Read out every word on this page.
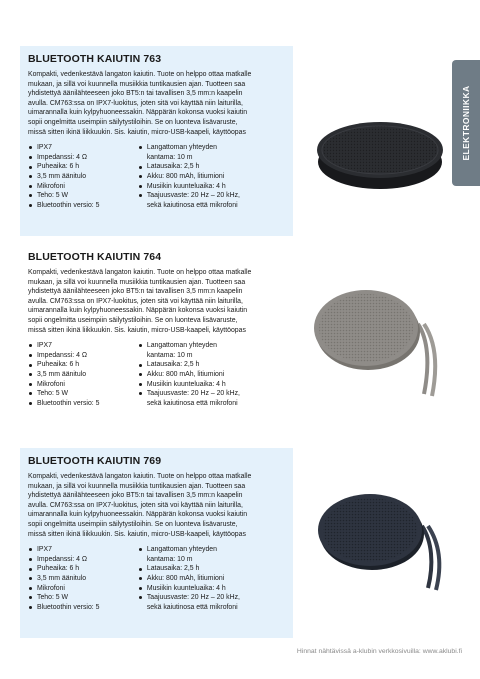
BLUETOOTH KAIUTIN 763

Kompakti, vedenkestävä langaton kaiutin. Tuote on helppo ottaa matkalle
mukaan, ja sillä voi kuunnella musiikkia tuntikausien ajan. Tuotteen saa
yhdistettyä äänilähteeseen joko BT5:n tai tavallisen 3,5 mm:n kaapelin
avulla. CM763:ssa on IPX7-luokitus, joten sitä voi käyttää niin laiturilla,
uimarannalla kuin kylpyhuoneessakin. Näppärän kokonsa vuoksi kaiutin
sopii ongelmitta useimpiin säilytystiloihin. Se on luonteva lisävaruste,
missä sitten ikinä liikkuukin. Sis. kaiutin, micro-USB-kaapeli, käyttöopas

IPX7
Impedanssi: 4 Ω
Puheaika: 6 h
3,5 mm äänitulo
Mikrofoni
Teho: 5 W
Bluetoothin versio: 5
Langattoman yhteyden
kantama: 10 m
Latausaika: 2,5 h
Akku: 800 mAh, litiumioni
Musiikin kuunteluaika: 4 h
Taajuusvaste: 20 Hz – 20 kHz,
sekä kaiutinosa että mikrofoni
BLUETOOTH KAIUTIN 764

Kompakti, vedenkestävä langaton kaiutin. Tuote on helppo ottaa matkalle
mukaan, ja sillä voi kuunnella musiikkia tuntikausien ajan. Tuotteen saa
yhdistettyä äänilähteeseen joko BT5:n tai tavallisen 3,5 mm:n kaapelin
avulla. CM763:ssa on IPX7-luokitus, joten sitä voi käyttää niin laiturilla,
uimarannalla kuin kylpyhuoneessakin. Näppärän kokonsa vuoksi kaiutin
sopii ongelmitta useimpiin säilytystiloihin. Se on luonteva lisävaruste,
missä sitten ikinä liikkuukin. Sis. kaiutin, micro-USB-kaapeli, käyttöopas

IPX7
Impedanssi: 4 Ω
Puheaika: 6 h
3,5 mm äänitulo
Mikrofoni
Teho: 5 W
Bluetoothin versio: 5
Langattoman yhteyden
kantama: 10 m
Latausaika: 2,5 h
Akku: 800 mAh, litiumioni
Musiikin kuunteluaika: 4 h
Taajuusvaste: 20 Hz – 20 kHz,
sekä kaiutinosa että mikrofoni
BLUETOOTH KAIUTIN 769

Kompakti, vedenkestävä langaton kaiutin. Tuote on helppo ottaa matkalle
mukaan, ja sillä voi kuunnella musiikkia tuntikausien ajan. Tuotteen saa
yhdistettyä äänilähteeseen joko BT5:n tai tavallisen 3,5 mm:n kaapelin
avulla. CM763:ssa on IPX7-luokitus, joten sitä voi käyttää niin laiturilla,
uimarannalla kuin kylpyhuoneessakin. Näppärän kokonsa vuoksi kaiutin
sopii ongelmitta useimpiin säilytystiloihin. Se on luonteva lisävaruste,
missä sitten ikinä liikkuukin. Sis. kaiutin, micro-USB-kaapeli, käyttöopas

IPX7
Impedanssi: 4 Ω
Puheaika: 6 h
3,5 mm äänitulo
Mikrofoni
Teho: 5 W
Bluetoothin versio: 5
Langattoman yhteyden
kantama: 10 m
Latausaika: 2,5 h
Akku: 800 mAh, litiumioni
Musiikin kuunteluaika: 4 h
Taajuusvaste: 20 Hz – 20 kHz,
sekä kaiutinosa että mikrofoni
ELEKTRONIIKKA
Hinnat nähtävissä a-klubin verkkosivuilla: www.aklubi.fi
